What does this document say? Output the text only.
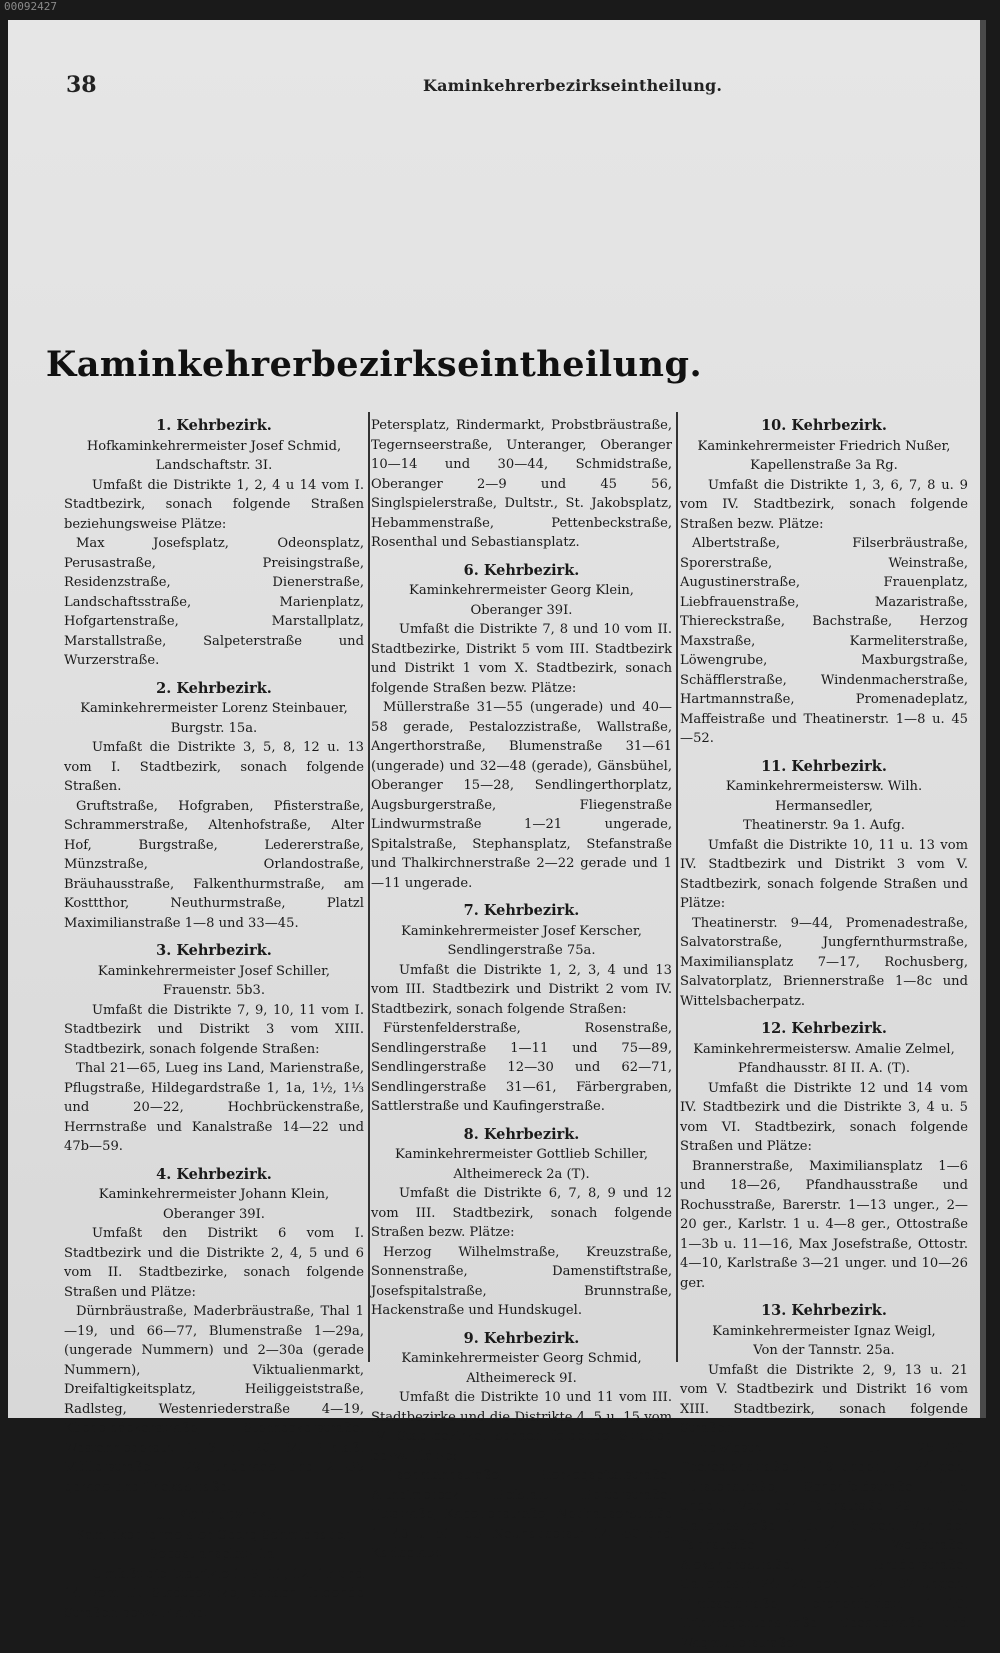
00092427
38	Kaminkehrerbezirkseintheilung.
Kaminkehrerbezirkseintheilung.
1. Kehrbezirk.

Hofkaminkehrermeister Josef Schmid,

Landschaftstr. 3I.

Umfaßt die Distrikte 1, 2, 4 u 14 vom I. Stadtbezirk, sonach folgende Straßen beziehungsweise Plätze:

Max Josefsplatz, Odeonsplatz, Perusastraße, Preisingstraße, Residenzstraße, Dienerstraße, Landschaftsstraße, Marienplatz, Hofgartenstraße, Marstallplatz, Marstallstraße, Salpeterstraße und Wurzerstraße.

2. Kehrbezirk.

Kaminkehrermeister Lorenz Steinbauer,

Burgstr. 15a.

Umfaßt die Distrikte 3, 5, 8, 12 u. 13 vom I. Stadtbezirk, sonach folgende Straßen.

Gruftstraße, Hofgraben, Pfisterstraße, Schrammerstraße, Altenhofstraße, Alter Hof, Burgstraße, Ledererstraße, Münzstraße, Orlandostraße, Bräuhausstraße, Falkenthurmstraße, am Kosttthor, Neuthurmstraße, Platzl Maximilianstraße 1—8 und 33—45.

3. Kehrbezirk.

Kaminkehrermeister Josef Schiller,

Frauenstr. 5b3.

Umfaßt die Distrikte 7, 9, 10, 11 vom I. Stadtbezirk und Distrikt 3 vom XIII. Stadtbezirk, sonach folgende Straßen:

Thal 21—65, Lueg ins Land, Marienstraße, Pflugstraße, Hildegardstraße 1, 1a, 1½, 1⅓ und 20—22, Hochbrückenstraße, Herrnstraße und Kanalstraße 14—22 und 47b—59.

4. Kehrbezirk.

Kaminkehrermeister Johann Klein,

Oberanger 39I.

Umfaßt den Distrikt 6 vom I. Stadtbezirk und die Distrikte 2, 4, 5 und 6 vom II. Stadtbezirke, sonach folgende Straßen und Plätze:

Dürnbräustraße, Maderbräustraße, Thal 1—19, und 66—77, Blumenstraße 1—29a, (ungerade Nummern) und 2—30a (gerade Nummern), Viktualienmarkt, Dreifaltigkeitsplatz, Heiliggeiststraße, Radlsteg, Westenriederstraße 4—19, Küchelbäckerstraße, Sterneckerstraße, Westenriederstr. 1—3 u. 20—34, Einlaß, Müllerstraße 1—29 ungerade und 2—38 gerade und Thekastraße.

5. Kehrbezirk.

Kaminkehrermeister Georg Schmidbauer,

Sebastiansplatz 1a.

Umfaßt die Distrikte 1, 9, 11, 12, 13 und 14 vom II. Stadtbezirke, sonach folgende Straßen bezw. Plätze:

Petersplatz, Rindermarkt, Probstbräustraße, Tegernseerstraße, Unteranger, Oberanger 10—14 und 30—44, Schmidstraße, Oberanger 2—9 und 45 56, Singlspielerstraße, Dultstr., St. Jakobsplatz, Hebammenstraße, Pettenbeckstraße, Rosenthal und Sebastiansplatz.

6. Kehrbezirk.

Kaminkehrermeister Georg Klein,

Oberanger 39I.

Umfaßt die Distrikte 7, 8 und 10 vom II. Stadtbezirke, Distrikt 5 vom III. Stadtbezirk und Distrikt 1 vom X. Stadtbezirk, sonach folgende Straßen bezw. Plätze:

Müllerstraße 31—55 (ungerade) und 40—58 gerade, Pestalozzistraße, Wallstraße, Angerthorstraße, Blumenstraße 31—61 (ungerade) und 32—48 (gerade), Gänsbühel, Oberanger 15—28, Sendlingerthorplatz, Augsburgerstraße, Fliegenstraße Lindwurmstraße 1—21 ungerade, Spitalstraße, Stephansplatz, Stefanstraße und Thalkirchnerstraße 2—22 gerade und 1—11 ungerade.

7. Kehrbezirk.

Kaminkehrermeister Josef Kerscher,

Sendlingerstraße 75a.

Umfaßt die Distrikte 1, 2, 3, 4 und 13 vom III. Stadtbezirk und Distrikt 2 vom IV. Stadtbezirk, sonach folgende Straßen:

Fürstenfelderstraße, Rosenstraße, Sendlingerstraße 1—11 und 75—89, Sendlingerstraße 12—30 und 62—71, Sendlingerstraße 31—61, Färbergraben, Sattlerstraße und Kaufingerstraße.

8. Kehrbezirk.

Kaminkehrermeister Gottlieb Schiller,

Altheimereck 2a (T).

Umfaßt die Distrikte 6, 7, 8, 9 und 12 vom III. Stadtbezirk, sonach folgende Straßen bezw. Plätze:

Herzog Wilhelmstraße, Kreuzstraße, Sonnenstraße, Damenstiftstraße, Josefspitalstraße, Brunnstraße, Hackenstraße und Hundskugel.

9. Kehrbezirk.

Kaminkehrermeister Georg Schmid,

Altheimereck 9I.

Umfaßt die Distrikte 10 und 11 vom III. Stadtbezirke und die Distrikte 4, 5 u. 15 vom IV. Stadtbezirke, sonach folgende Straßen bezw. Plätze:

Eisenmannstraße, Herzogspitalstraße, Altheimereck, Hofstatt, Hotterstraße, Ettstraße, Kapellenstraße, Neuhauserstraße 1—49 u. 51—53, Neuhauserstr. 14—50 und Karlsplatz.

10. Kehrbezirk.

Kaminkehrermeister Friedrich Nußer,

Kapellenstraße 3a Rg.

Umfaßt die Distrikte 1, 3, 6, 7, 8 u. 9 vom IV. Stadtbezirk, sonach folgende Straßen bezw. Plätze:

Albertstraße, Filserbräustraße, Sporerstraße, Weinstraße, Augustinerstraße, Frauenplatz, Liebfrauenstraße, Mazaristraße, Thiereckstraße, Bachstraße, Herzog Maxstraße, Karmeliterstraße, Löwengrube, Maxburgstraße, Schäfflerstraße, Windenmacherstraße, Hartmannstraße, Promenadeplatz, Maffeistraße und Theatinerstr. 1—8 u. 45—52.

11. Kehrbezirk.

Kaminkehrermeistersw. Wilh. Hermansedler,

Theatinerstr. 9a 1. Aufg.

Umfaßt die Distrikte 10, 11 u. 13 vom IV. Stadtbezirk und Distrikt 3 vom V. Stadtbezirk, sonach folgende Straßen und Plätze:

Theatinerstr. 9—44, Promenadestraße, Salvatorstraße, Jungfernthurmstraße, Maximiliansplatz 7—17, Rochusberg, Salvatorplatz, Briennerstraße 1—8c und Wittelsbacherpatz.

12. Kehrbezirk.

Kaminkehrermeistersw. Amalie Zelmel,

Pfandhausstr. 8I II. A. (T).

Umfaßt die Distrikte 12 und 14 vom IV. Stadtbezirk und die Distrikte 3, 4 u. 5 vom VI. Stadtbezirk, sonach folgende Straßen und Plätze:

Brannerstraße, Maximiliansplatz 1—6 und 18—26, Pfandhausstraße und Rochusstraße, Barerstr. 1—13 unger., 2—20 ger., Karlstr. 1 u. 4—8 ger., Ottostraße 1—3b u. 11—16, Max Josefstraße, Ottostr. 4—10, Karlstraße 3—21 unger. und 10—26 ger.

13. Kehrbezirk.

Kaminkehrermeister Ignaz Weigl,

Von der Tannstr. 25a.

Umfaßt die Distrikte 2, 9, 13 u. 21 vom V. Stadtbezirk und Distrikt 16 vom XIII. Stadtbezirk, sonach folgende Straßen:

Ludwigstr. 1—8 u. 25—30, Theresienstraße 1—19 unger., 2—24 ger., Fürstenstraße, Schönfeldstraße 1—5 unger., Von der Tannstraße 29 u. 30, Galleriestraße 1 u. 2—6 ger., Von der Tannstraße 1—27, Wolfstraße, Alexandrastraße, Bruderstraße, Galleriestr. 24—26 ger. u. 27—37 unger., Himbselstraße, Lerchenfeldstr. 1—10, Prinzregentenstraße, Seeaustraße und Wagmüllerstraße.
